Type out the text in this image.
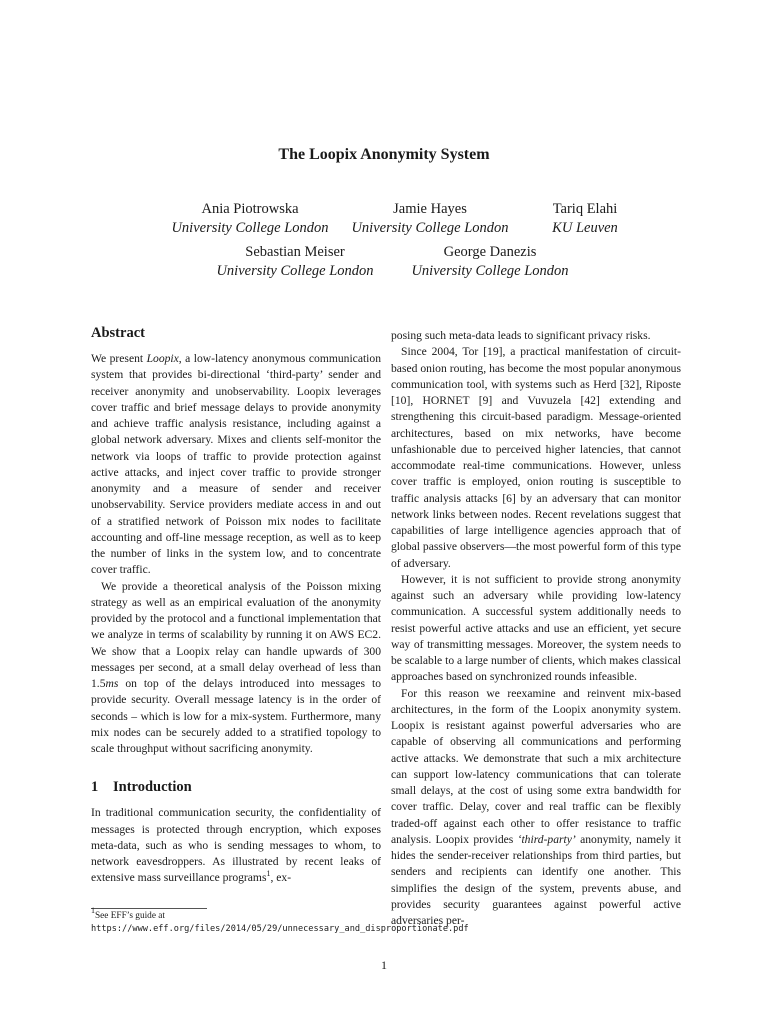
The Loopix Anonymity System
Ania Piotrowska
University College London
Jamie Hayes
University College London
Tariq Elahi
KU Leuven
Sebastian Meiser
University College London
George Danezis
University College London
Abstract

We present Loopix, a low-latency anonymous communication system that provides bi-directional ‘third-party’ sender and receiver anonymity and unobservability. Loopix leverages cover traffic and brief message delays to provide anonymity and achieve traffic analysis resistance, including against a global network adversary. Mixes and clients self-monitor the network via loops of traffic to provide protection against active attacks, and inject cover traffic to provide stronger anonymity and a measure of sender and receiver unobservability. Service providers mediate access in and out of a stratified network of Poisson mix nodes to facilitate accounting and off-line message reception, as well as to keep the number of links in the system low, and to concentrate cover traffic.

We provide a theoretical analysis of the Poisson mixing strategy as well as an empirical evaluation of the anonymity provided by the protocol and a functional implementation that we analyze in terms of scalability by running it on AWS EC2. We show that a Loopix relay can handle upwards of 300 messages per second, at a small delay overhead of less than 1.5ms on top of the delays introduced into messages to provide security. Overall message latency is in the order of seconds – which is low for a mix-system. Furthermore, many mix nodes can be securely added to a stratified topology to scale throughput without sacrificing anonymity.

1 Introduction

In traditional communication security, the confidentiality of messages is protected through encryption, which exposes meta-data, such as who is sending messages to whom, to network eavesdroppers. As illustrated by recent leaks of extensive mass surveillance programs$^1$, ex-

posing such meta-data leads to significant privacy risks.

Since 2004, Tor [19], a practical manifestation of circuit-based onion routing, has become the most popular anonymous communication tool, with systems such as Herd [32], Riposte [10], HORNET [9] and Vuvuzela [42] extending and strengthening this circuit-based paradigm. Message-oriented architectures, based on mix networks, have become unfashionable due to perceived higher latencies, that cannot accommodate real-time communications. However, unless cover traffic is employed, onion routing is susceptible to traffic analysis attacks [6] by an adversary that can monitor network links between nodes. Recent revelations suggest that capabilities of large intelligence agencies approach that of global passive observers—the most powerful form of this type of adversary.

However, it is not sufficient to provide strong anonymity against such an adversary while providing low-latency communication. A successful system additionally needs to resist powerful active attacks and use an efficient, yet secure way of transmitting messages. Moreover, the system needs to be scalable to a large number of clients, which makes classical approaches based on synchronized rounds infeasible.

For this reason we reexamine and reinvent mix-based architectures, in the form of the Loopix anonymity system. Loopix is resistant against powerful adversaries who are capable of observing all communications and performing active attacks. We demonstrate that such a mix architecture can support low-latency communications that can tolerate small delays, at the cost of using some extra bandwidth for cover traffic. Delay, cover and real traffic can be flexibly traded-off against each other to offer resistance to traffic analysis. Loopix provides ‘third-party’ anonymity, namely it hides the sender-receiver relationships from third parties, but senders and recipients can identify one another. This simplifies the design of the system, prevents abuse, and provides security guarantees against powerful active adversaries per-

$^1$See EFF’s guide at https://www.eff.org/files/2014/05/29/unnecessary_and_disproportionate.pdf
1
